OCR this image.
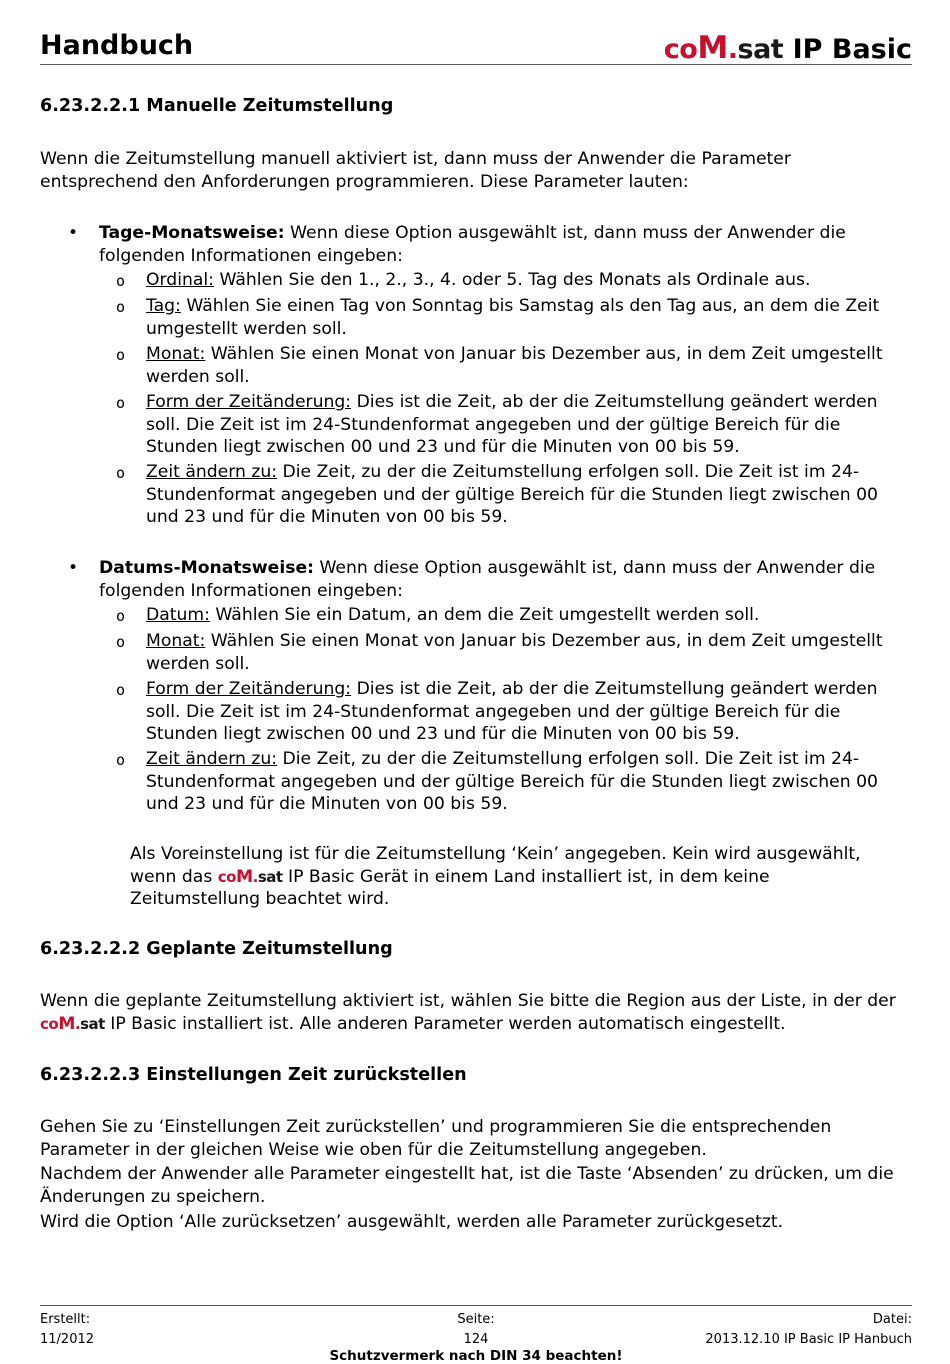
Handbuch	coM.sat IP Basic
6.23.2.2.1 Manuelle Zeitumstellung

Wenn die Zeitumstellung manuell aktiviert ist, dann muss der Anwender die Parameter entsprechend den Anforderungen programmieren. Diese Parameter lauten:

• Tage-Monatsweise: Wenn diese Option ausgewählt ist, dann muss der Anwender die folgenden Informationen eingeben:
o Ordinal: Wählen Sie den 1., 2., 3., 4. oder 5. Tag des Monats als Ordinale aus.
o Tag: Wählen Sie einen Tag von Sonntag bis Samstag als den Tag aus, an dem die Zeit umgestellt werden soll.
o Monat: Wählen Sie einen Monat von Januar bis Dezember aus, in dem Zeit umgestellt werden soll.
o Form der Zeitänderung: Dies ist die Zeit, ab der die Zeitumstellung geändert werden soll. Die Zeit ist im 24-Stundenformat angegeben und der gültige Bereich für die Stunden liegt zwischen 00 und 23 und für die Minuten von 00 bis 59.
o Zeit ändern zu: Die Zeit, zu der die Zeitumstellung erfolgen soll. Die Zeit ist im 24-Stundenformat angegeben und der gültige Bereich für die Stunden liegt zwischen 00 und 23 und für die Minuten von 00 bis 59.
• Datums-Monatsweise: Wenn diese Option ausgewählt ist, dann muss der Anwender die folgenden Informationen eingeben:
o Datum: Wählen Sie ein Datum, an dem die Zeit umgestellt werden soll.
o Monat: Wählen Sie einen Monat von Januar bis Dezember aus, in dem Zeit umgestellt werden soll.
o Form der Zeitänderung: Dies ist die Zeit, ab der die Zeitumstellung geändert werden soll. Die Zeit ist im 24-Stundenformat angegeben und der gültige Bereich für die Stunden liegt zwischen 00 und 23 und für die Minuten von 00 bis 59.
o Zeit ändern zu: Die Zeit, zu der die Zeitumstellung erfolgen soll. Die Zeit ist im 24-Stundenformat angegeben und der gültige Bereich für die Stunden liegt zwischen 00 und 23 und für die Minuten von 00 bis 59.
Als Voreinstellung ist für die Zeitumstellung ‘Kein’ angegeben. Kein wird ausgewählt, wenn das coM.sat IP Basic Gerät in einem Land installiert ist, in dem keine Zeitumstellung beachtet wird.
6.23.2.2.2 Geplante Zeitumstellung
Wenn die geplante Zeitumstellung aktiviert ist, wählen Sie bitte die Region aus der Liste, in der der coM.sat IP Basic installiert ist. Alle anderen Parameter werden automatisch eingestellt.
6.23.2.2.3 Einstellungen Zeit zurückstellen

Gehen Sie zu ‘Einstellungen Zeit zurückstellen’ und programmieren Sie die entsprechenden Parameter in der gleichen Weise wie oben für die Zeitumstellung angegeben.

Nachdem der Anwender alle Parameter eingestellt hat, ist die Taste ‘Absenden’ zu drücken, um die Änderungen zu speichern.

Wird die Option ‘Alle zurücksetzen’ ausgewählt, werden alle Parameter zurückgesetzt.

Erstellt:
11/2012
Seite:
124
Datei:
2013.12.10 IP Basic IP Hanbuch
Schutzvermerk nach DIN 34 beachten!
